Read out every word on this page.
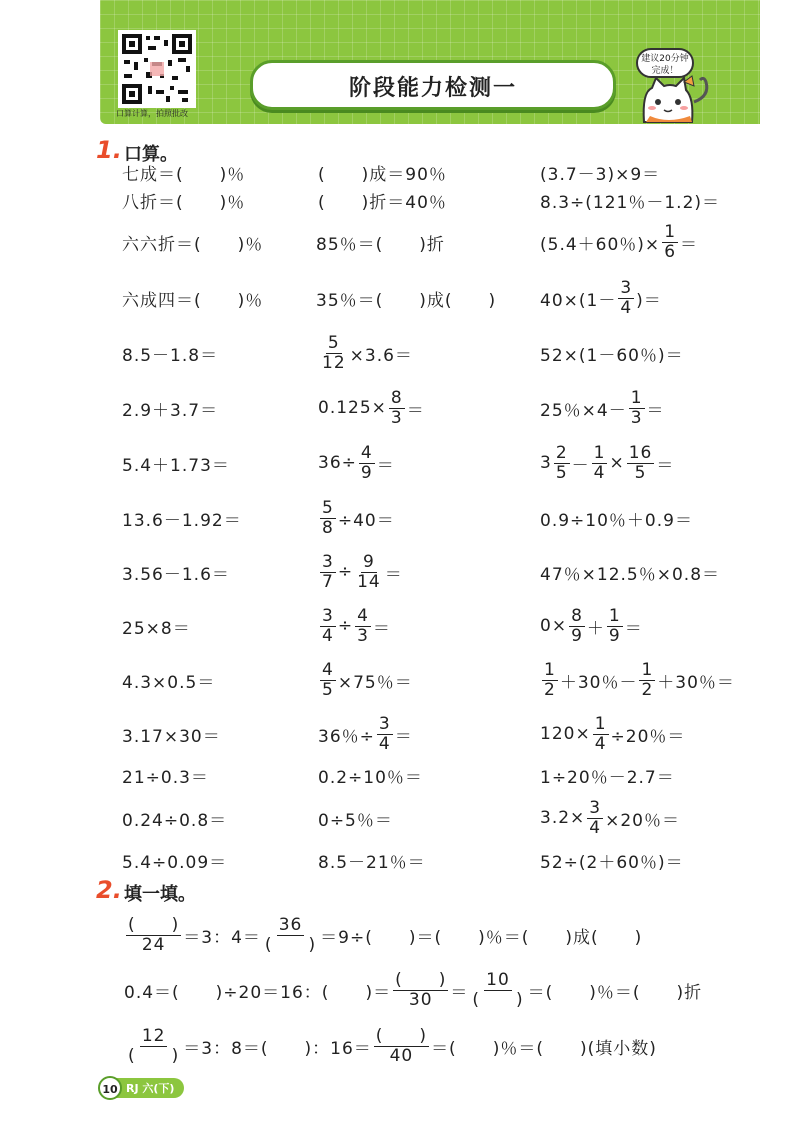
口算计算，拍照批改
阶段能力检测一
建议20分钟完成！
1. 口算。
七成＝(　　)％	(　　)成＝90％	(3.7－3)×9＝
八折＝(　　)％	(　　)折＝40％	8.3÷(121％－1.2)＝
六六折＝(　　)％	85％＝(　　)折	(5.4＋60％)× $\frac{1}{6}$ ＝
六成四＝(　　)％	35％＝(　　)成(　　)	$40\times(1- \frac{3}{4}$ )＝
8.5－1.8＝	$\frac{5}{12} \times 3.6=$	52×(1－60％)＝
2.9＋3.7＝	$0.125\times \frac{8}{3}$ ＝	25％$\times 4- \frac{1}{3}$ ＝
5.4＋1.73＝	$36\div \frac{4}{9}$ ＝	$3 \frac{2}{5} - \frac{1}{4} \times \frac{16}{5}$ ＝
13.6－1.92＝	$\frac{5}{8} \div 40=$	0.9÷10％＋0.9＝
3.56－1.6＝	$\frac{3}{7} \div \frac{9}{14}$ ＝	47％×12.5％×0.8＝
25×8＝	$\frac{3}{4} \div \frac{4}{3}$ ＝	$0\times \frac{8}{9} + \frac{1}{9}$ ＝
4.3×0.5＝	$\frac{4}{5} \times 75$％＝	$\frac{1}{2} +30$％－ $\frac{1}{2} +30$％＝
3.17×30＝	36％÷ $\frac{3}{4}$ ＝	$120\times \frac{1}{4} \div 20$％＝
21÷0.3＝	0.2÷10％＝	1÷20％－2.7＝
0.24÷0.8＝	0÷5％＝	$3.2\times \frac{3}{4} \times 20$％＝
5.4÷0.09＝	8.5－21％＝	52÷(2＋60％)＝
2. 填一填。
$\frac{( )}{24} =3$：$4= \frac{36}{( )} =9\div$(　　)＝(　　)％＝(　　)成(　　)
0.4＝(　　)÷20＝16：(　　)＝ $\frac{( )}{30} = \frac{10}{( )}$ ＝(　　)％＝(　　)折
$\frac{12}{( )} =3$：8＝(　　)：$16= \frac{( )}{40}$ ＝(　　)％＝(　　)(填小数)
10 RJ 六(下)
